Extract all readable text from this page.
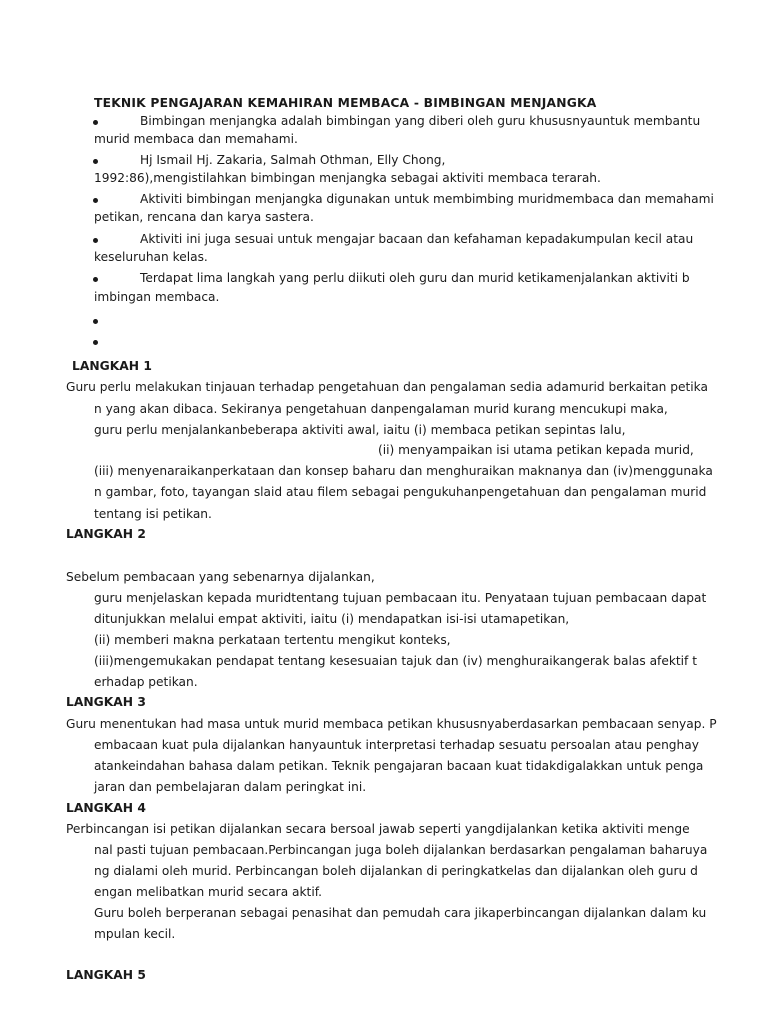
TEKNIK PENGAJARAN KEMAHIRAN MEMBACA - BIMBINGAN MENJANGKA
Bimbingan menjangka adalah bimbingan yang diberi oleh guru khususnyauntuk membantu
murid membaca dan memahami.
Hj Ismail Hj. Zakaria, Salmah Othman, Elly Chong,
1992:86),mengistilahkan bimbingan menjangka sebagai aktiviti membaca terarah.
Aktiviti bimbingan menjangka digunakan untuk membimbing muridmembaca dan memahami
petikan, rencana dan karya sastera.
Aktiviti ini juga sesuai untuk mengajar bacaan dan kefahaman kepadakumpulan kecil atau
keseluruhan kelas.
Terdapat lima langkah yang perlu diikuti oleh guru dan murid ketikamenjalankan aktiviti b
imbingan membaca.
LANGKAH 1
Guru perlu melakukan tinjauan terhadap pengetahuan dan pengalaman sedia adamurid berkaitan petika
n yang akan dibaca. Sekiranya pengetahuan danpengalaman murid kurang mencukupi maka,
guru perlu menjalankanbeberapa aktiviti awal, iaitu (i) membaca petikan sepintas lalu,
(ii) menyampaikan isi utama petikan kepada murid,
(iii) menyenaraikanperkataan dan konsep baharu dan menghuraikan maknanya dan (iv)menggunaka
n gambar, foto, tayangan slaid atau filem sebagai pengukuhanpengetahuan dan pengalaman murid
tentang isi petikan.
LANGKAH 2
Sebelum pembacaan yang sebenarnya dijalankan,
guru menjelaskan kepada muridtentang tujuan pembacaan itu. Penyataan tujuan pembacaan dapat
ditunjukkan melalui empat aktiviti, iaitu (i) mendapatkan isi-isi utamapetikan,
(ii) memberi makna perkataan tertentu mengikut konteks,
(iii)mengemukakan pendapat tentang kesesuaian tajuk dan (iv) menghuraikangerak balas afektif t
erhadap petikan.
LANGKAH 3
Guru menentukan had masa untuk murid membaca petikan khususnyaberdasarkan pembacaan senyap. P
embacaan kuat pula dijalankan hanyauntuk interpretasi terhadap sesuatu persoalan atau penghay
atankeindahan bahasa dalam petikan. Teknik pengajaran bacaan kuat tidakdigalakkan untuk penga
jaran dan pembelajaran dalam peringkat ini.
LANGKAH 4
Perbincangan isi petikan dijalankan secara bersoal jawab seperti yangdijalankan ketika aktiviti menge
nal pasti tujuan pembacaan.Perbincangan juga boleh dijalankan berdasarkan pengalaman baharuya
ng dialami oleh murid. Perbincangan boleh dijalankan di peringkatkelas dan dijalankan oleh guru d
engan melibatkan murid secara aktif.
Guru boleh berperanan sebagai penasihat dan pemudah cara jikaperbincangan dijalankan dalam ku
mpulan kecil.
LANGKAH 5
